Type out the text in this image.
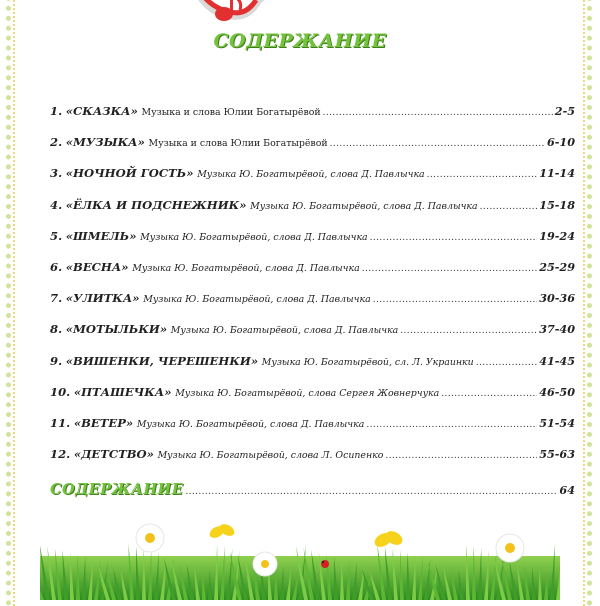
СОДЕРЖАНИЕ
1. «СКАЗКА» Музыка и слова Юлии Богатырёвой .....	2-5
2. «МУЗЫКА» Музыка и слова Юлии Богатырёвой .....	6-10
3. «НОЧНОЙ ГОСТЬ» Музыка Ю. Богатырёвой, слова Д. Павлычка .....	11-14
4. «ЁЛКА И ПОДСНЕЖНИК» Музыка Ю. Богатырёвой, слова Д. Павлычка .....	15-18
5. «ШМЕЛЬ» Музыка Ю. Богатырёвой, слова Д. Павлычка .....	19-24
6. «ВЕСНА» Музыка Ю. Богатырёвой, слова Д. Павлычка .....	25-29
7. «УЛИТКА» Музыка Ю. Богатырёвой, слова Д. Павлычка .....	30-36
8. «МОТЫЛЬКИ» Музыка Ю. Богатырёвой, слова Д. Павлычка .....	37-40
9. «ВИШЕНКИ, ЧЕРЕШЕНКИ» Музыка Ю. Богатырёвой, сл. Л. Украинки .....	41-45
10. «ПТАШЕЧКА» Музыка Ю. Богатырёвой, слова Сергея Жовнерчука .....	46-50
11. «ВЕТЕР» Музыка Ю. Богатырёвой, слова Д. Павлычка .....	51-54
12. «ДЕТСТВО» Музыка Ю. Богатырёвой, слова Л. Осипенко .....	55-63
СОДЕРЖАНИЕ .....	64
